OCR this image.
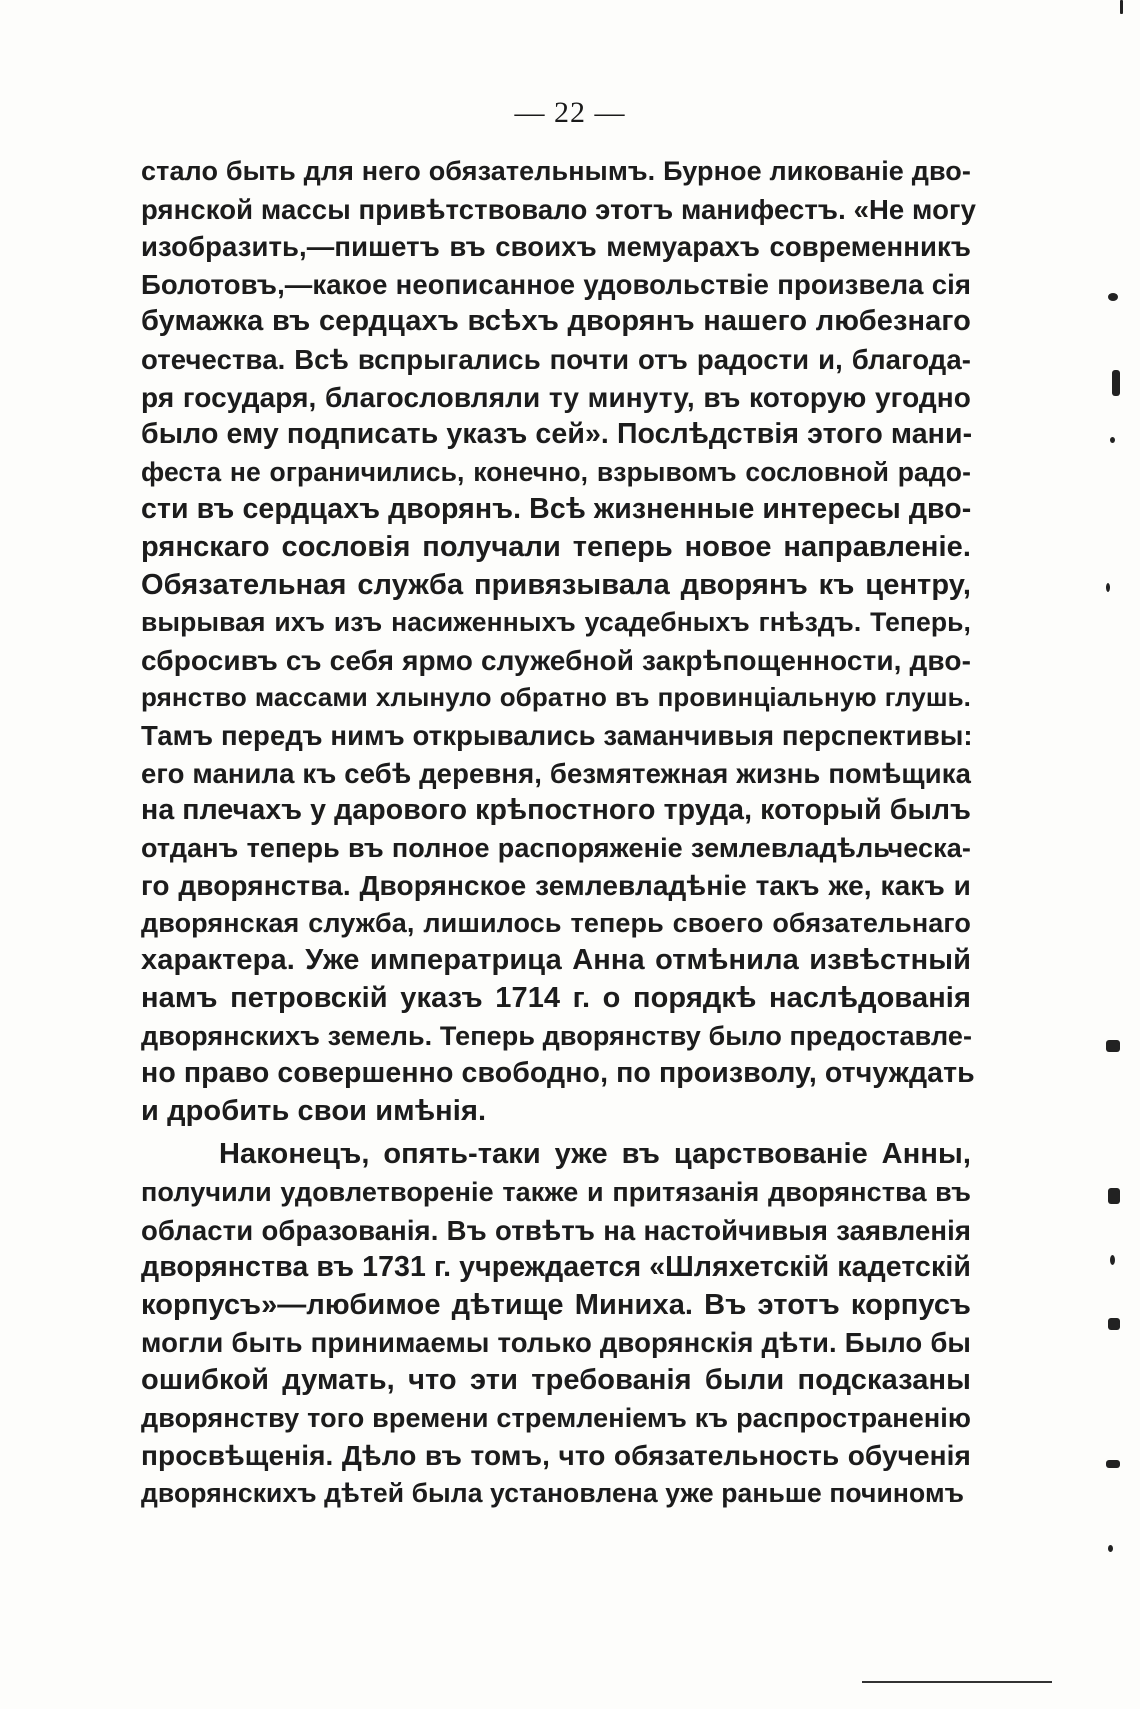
— 22 —
стало быть для него обязательнымъ. Бурное ликованіе дво-
рянской массы привѣтствовало этотъ манифестъ. «Не могу
изобразить,—пишетъ въ своихъ мемуарахъ современникъ
Болотовъ,—какое неописанное удовольствіе произвела сія
бумажка въ сердцахъ всѣхъ дворянъ нашего любезнаго
отечества. Всѣ вспрыгались почти отъ радости и, благода-
ря государя, благословляли ту минуту, въ которую угодно
было ему подписать указъ сей». Послѣдствія этого мани-
феста не ограничились, конечно, взрывомъ сословной радо-
сти въ сердцахъ дворянъ. Всѣ жизненные интересы дво-
рянскаго сословія получали теперь новое направленіе.
Обязательная служба привязывала дворянъ къ центру,
вырывая ихъ изъ насиженныхъ усадебныхъ гнѣздъ. Теперь,
сбросивъ съ себя ярмо служебной закрѣпощенности, дво-
рянство массами хлынуло обратно въ провинціальную глушь.
Тамъ передъ нимъ открывались заманчивыя перспективы:
его манила къ себѣ деревня, безмятежная жизнь помѣщика
на плечахъ у дарового крѣпостного труда, который былъ
отданъ теперь въ полное распоряженіе землевладѣльческа-
го дворянства. Дворянское землевладѣніе такъ же, какъ и
дворянская служба, лишилось теперь своего обязательнаго
характера. Уже императрица Анна отмѣнила извѣстный
намъ петровскій указъ 1714 г. о порядкѣ наслѣдованія
дворянскихъ земель. Теперь дворянству было предоставле-
но право совершенно свободно, по произволу, отчуждать
и дробить свои имѣнія.
Наконецъ, опять-таки уже въ царствованіе Анны,
получили удовлетвореніе также и притязанія дворянства въ
области образованія. Въ отвѣтъ на настойчивыя заявленія
дворянства въ 1731 г. учреждается «Шляхетскій кадетскій
корпусъ»—любимое дѣтище Миниха. Въ этотъ корпусъ
могли быть принимаемы только дворянскія дѣти. Было бы
ошибкой думать, что эти требованія были подсказаны
дворянству того времени стремленіемъ къ распространенію
просвѣщенія. Дѣло въ томъ, что обязательность обученія
дворянскихъ дѣтей была установлена уже раньше починомъ
